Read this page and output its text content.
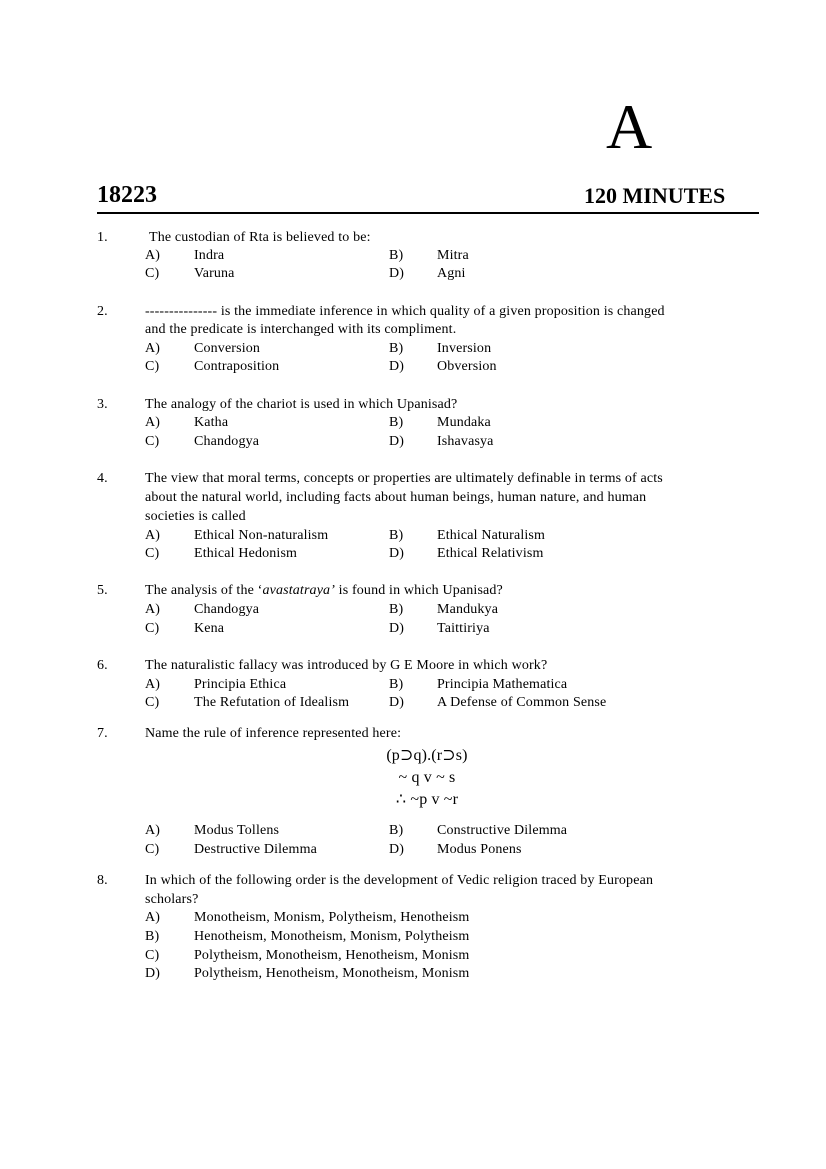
A
18223	120 MINUTES
1.	The custodian of Rta is believed to be:
A) Indra	B) Mitra
C) Varuna	D) Agni
2.	--------------- is the immediate inference in which quality of a given proposition is changed
and the predicate is interchanged with its compliment.
A) Conversion	B) Inversion
C) Contraposition	D) Obversion
3.	The analogy of the chariot is used in which Upanisad?
A) Katha	B) Mundaka
C) Chandogya	D) Ishavasya
4.	The view that moral terms, concepts or properties are ultimately definable in terms of acts
about the natural world, including facts about human beings, human nature, and human
societies is called
A) Ethical Non-naturalism	B) Ethical Naturalism
C) Ethical Hedonism	D) Ethical Relativism
5.	The analysis of the ‘avastatraya’ is found in which Upanisad?
A) Chandogya	B) Mandukya
C) Kena	D) Taittiriya
6.	The naturalistic fallacy was introduced by G E Moore in which work?
A) Principia Ethica	B) Principia Mathematica
C) The Refutation of Idealism	D) A Defense of Common Sense
7.	Name the rule of inference represented here:
(p⊃q).(r⊃s)
~ q v ~ s
∴ ~p v ~r
A) Modus Tollens	B) Constructive Dilemma
C) Destructive Dilemma	D) Modus Ponens
8.	In which of the following order is the development of Vedic religion traced by European
scholars?
A) Monotheism, Monism, Polytheism, Henotheism
B) Henotheism, Monotheism, Monism, Polytheism
C) Polytheism, Monotheism, Henotheism, Monism
D) Polytheism, Henotheism, Monotheism, Monism
